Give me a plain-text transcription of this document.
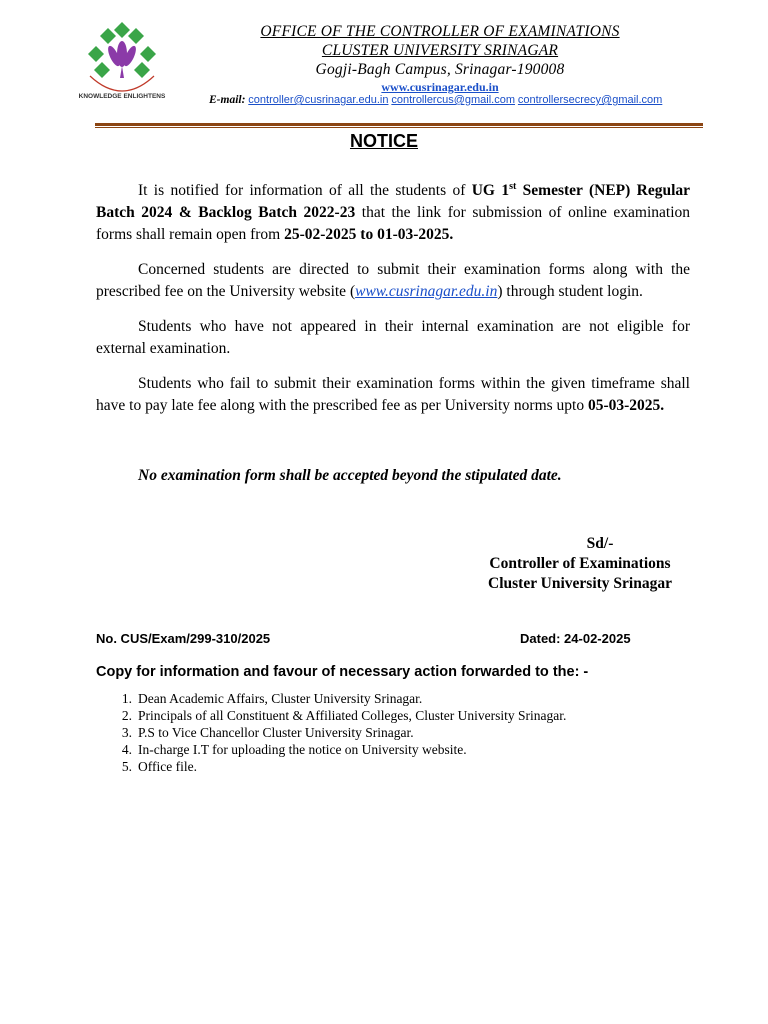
KNOWLEDGE ENLIGHTENS
OFFICE OF THE CONTROLLER OF EXAMINATIONS
CLUSTER UNIVERSITY SRINAGAR
Gogji-Bagh Campus, Srinagar-190008
www.cusrinagar.edu.in
E-mail: controller@cusrinagar.edu.in controllercus@gmail.com controllersecrecy@gmail.com
NOTICE

It is notified for information of all the students of UG 1st Semester (NEP) Regular Batch 2024 & Backlog Batch 2022-23 that the link for submission of online examination forms shall remain open from 25-02-2025 to 01-03-2025.

Concerned students are directed to submit their examination forms along with the prescribed fee on the University website (www.cusrinagar.edu.in) through student login.

Students who have not appeared in their internal examination are not eligible for external examination.

Students who fail to submit their examination forms within the given timeframe shall have to pay late fee along with the prescribed fee as per University norms upto 05-03-2025.

No examination form shall be accepted beyond the stipulated date.
Sd/-
Controller of Examinations
Cluster University Srinagar
No. CUS/Exam/299-310/2025	Dated: 24-02-2025
Copy for information and favour of necessary action forwarded to the: -
1. Dean Academic Affairs, Cluster University Srinagar.
2. Principals of all Constituent & Affiliated Colleges, Cluster University Srinagar.
3. P.S to Vice Chancellor Cluster University Srinagar.
4. In-charge I.T for uploading the notice on University website.
5. Office file.
